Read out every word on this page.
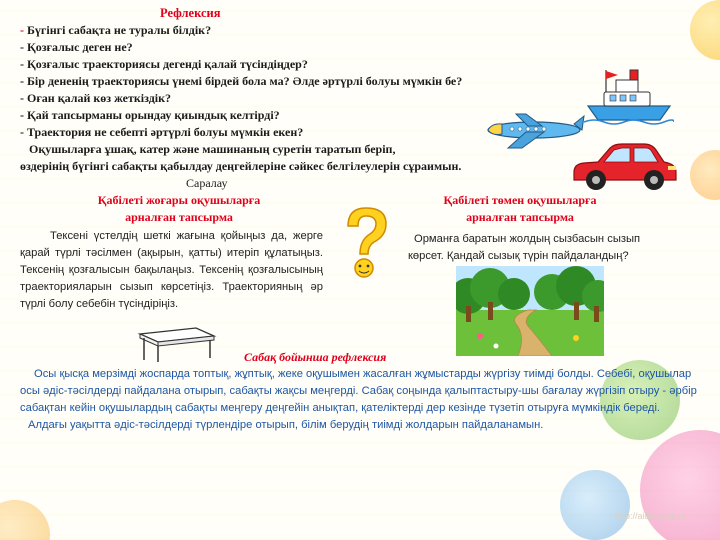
Рефлексия
- Бүгінгі сабақта не туралы білдік?
- Қозғалыс деген не?
- Қозғалыс траекториясы дегенді қалай түсіндіңдер?
- Бір дененің траекториясы үнемі бірдей бола ма? Әлде әртүрлі болуы мүмкін бе?
- Оған қалай көз жеткіздік?
- Қай тапсырманы орындау қиындық келтірді?
- Траектория не себепті әртүрлі болуы мүмкін екен?
Оқушыларға ұшақ, катер және машинаның суретін таратып беріп,
өздерінің бүгінгі сабақты қабылдау деңгейлеріне сәйкес белгілеулерін сұраимын.
Саралау
Қабілеті жоғары оқушыларға
арналған тапсырма
Тексені үстелдің шеткі жағына қойыңыз да, жерге қарай түрлі тәсілмен (ақырын, қатты) итеріп құлатыңыз. Тексенің қозғалысын бақылаңыз. Тексенің қозғалысының траекторияларын сызып көрсетіңіз. Траекторияның әр түрлі болу себебін түсіндіріңіз.
Қабілеті төмен оқушыларға
арналған тапсырма
Орманға баратын жолдың сызбасын сызып көрсет. Қандай сызық түрін пайдаландың?
Сабақ бойынша рефлексия

Осы қысқа мерзімді жоспарда топтық, жұптық, жеке оқушымен жасалған жұмыстарды жүргізу тиімді болды. Себебі, оқушылар осы әдіс-тәсілдерді пайдалана отырып, сабақты жақсы меңгерді. Сабақ соңында қалыптастыру-шы бағалау жүргізіп отыру - әрбір сабақтан кейін оқушылардың сабақты меңгеру деңгейін анықтап, қателіктерді дер кезінде түзетіп отыруға мүмкіндік береді.

Алдағы уақытта әдіс-тәсілдерді түрлендіре отырып, білім берудің тиімді жолдарын пайдаланамын.

http://aida.ucoz.ru
